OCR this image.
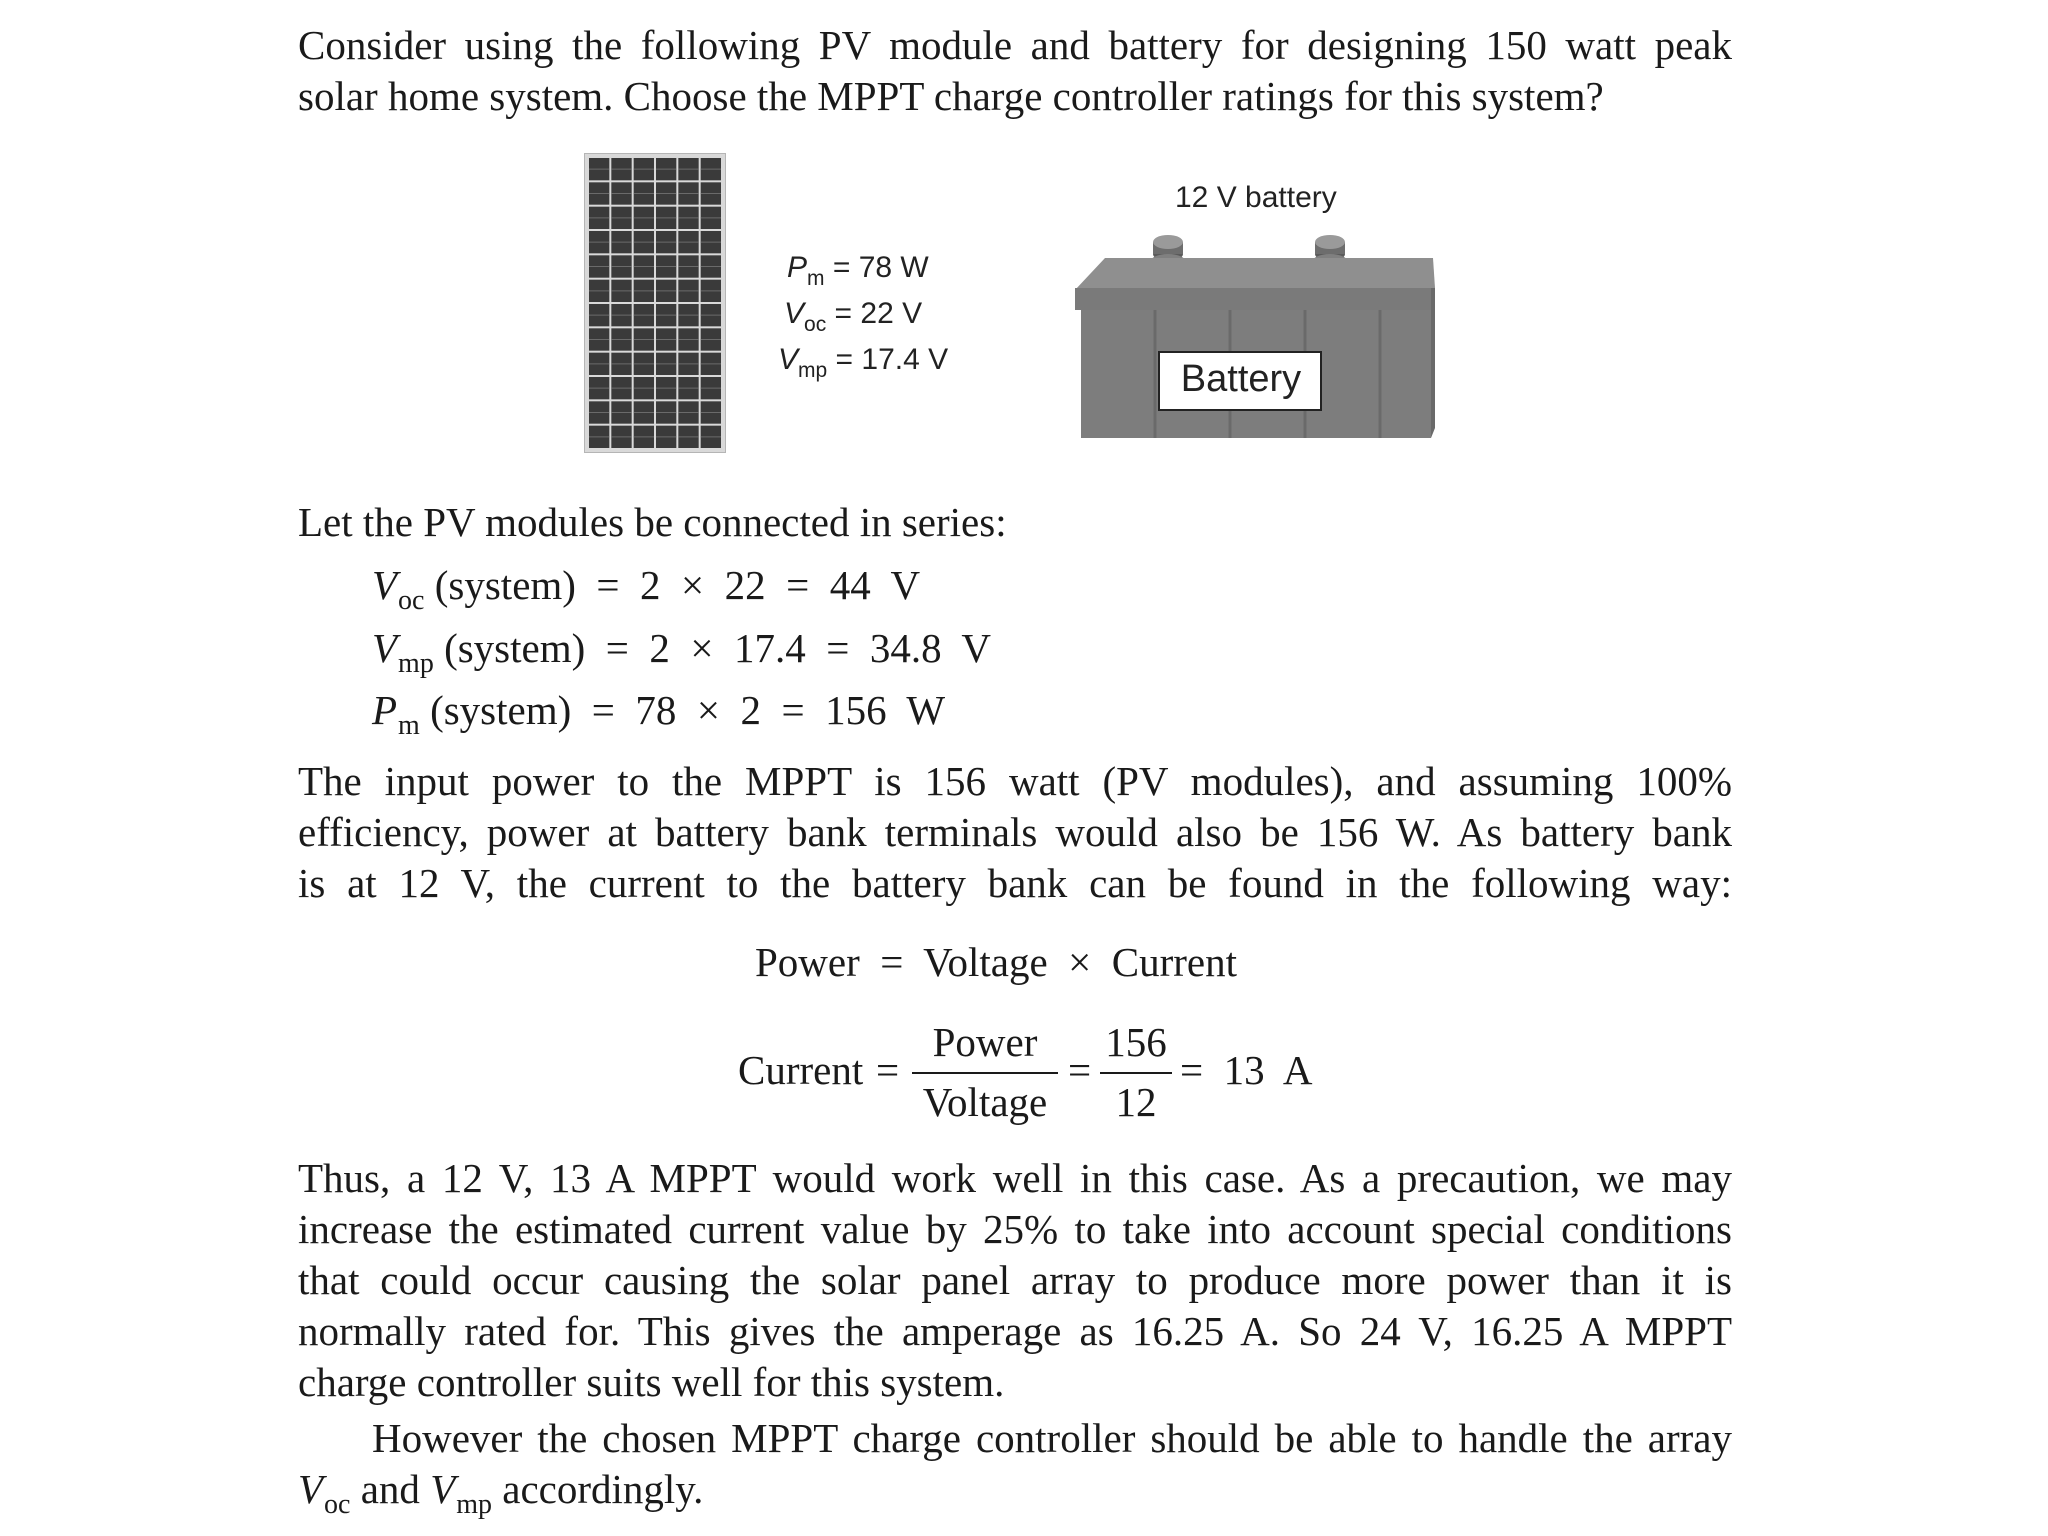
Consider using the following PV module and battery for designing 150 watt peak
solar home system. Choose the MPPT charge controller ratings for this system?
$P_m = 78$ W
$V_{oc} = 22$ V
$V_{mp} = 17.4$ V
12 V battery
Battery
Let the PV modules be connected in series:
$V_{oc}$ (system)  =  2  ×  22  =  44  V
$V_{mp}$ (system)  =  2  ×  17.4  =  34.8  V
$P_m$ (system)  =  78  ×  2  =  156  W
The input power to the MPPT is 156 watt (PV modules), and assuming 100%
efficiency, power at battery bank terminals would also be 156 W. As battery bank
is at 12 V, the current to the battery bank can be found in the following way:
Power  =  Voltage  ×  Current
Current =
Power
Voltage
=
156
12
=  13  A
Thus, a 12 V, 13 A MPPT would work well in this case. As a precaution, we may
increase the estimated current value by 25% to take into account special conditions
that could occur causing the solar panel array to produce more power than it is
normally rated for. This gives the amperage as 16.25 A. So 24 V, 16.25 A MPPT
charge controller suits well for this system.
However the chosen MPPT charge controller should be able to handle the array
$V_{oc}$ and $V_{mp}$ accordingly.
